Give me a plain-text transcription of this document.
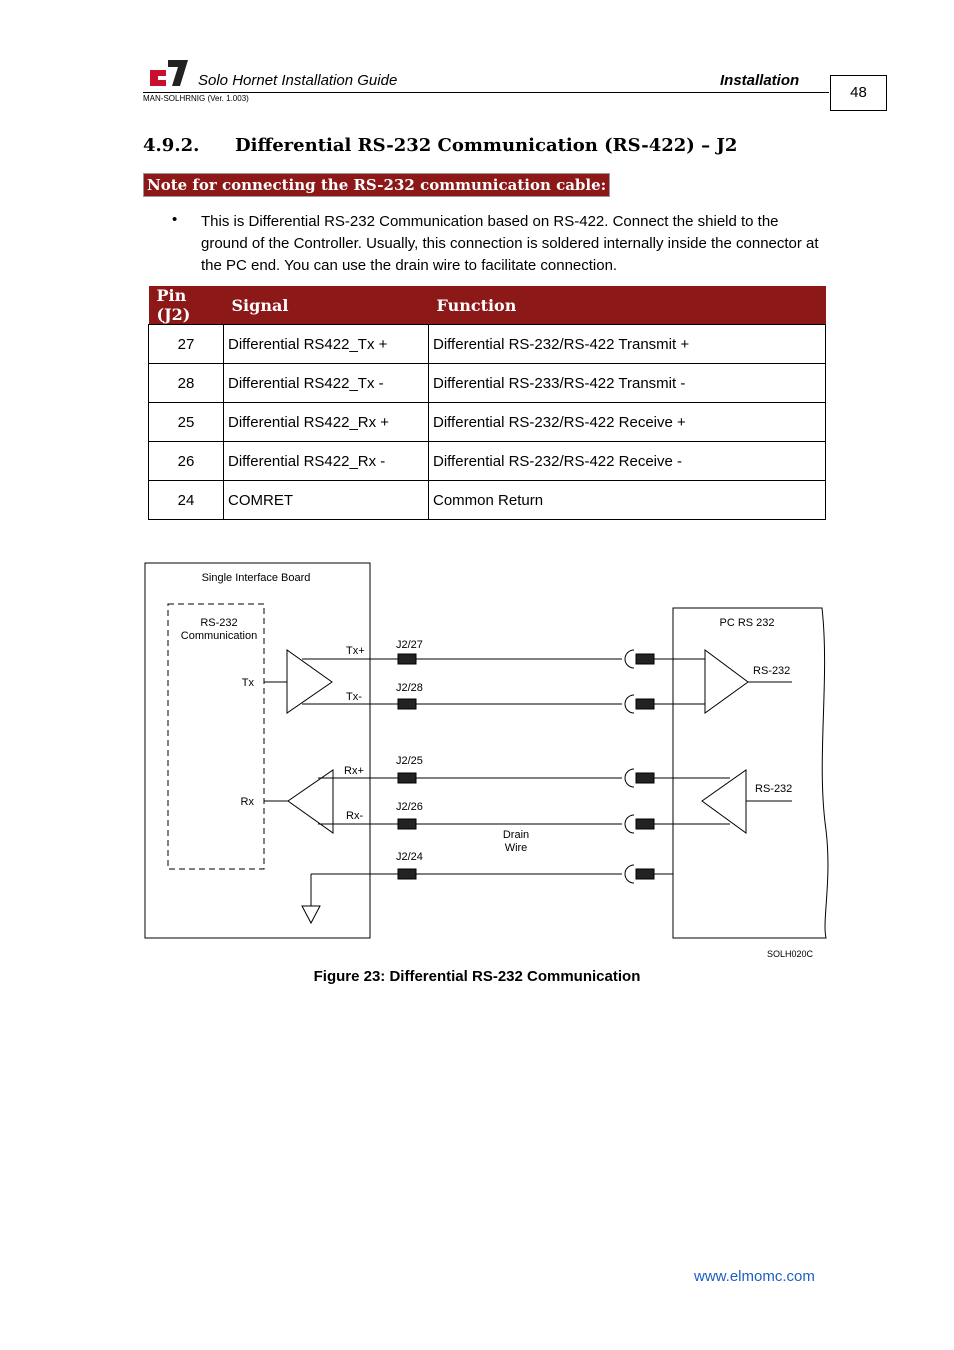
Solo Hornet Installation Guide	Installation
MAN-SOLHRNIG (Ver. 1.003)	48
4.9.2. Differential RS-232 Communication (RS-422) – J2
Note for connecting the RS-232 communication cable:
• This is Differential RS-232 Communication based on RS-422. Connect the shield to the ground of the Controller. Usually, this connection is soldered internally inside the connector at the PC end. You can use the drain wire to facilitate connection.
Pin (J2)	Signal	Function
27	Differential RS422_Tx +	Differential RS-232/RS-422 Transmit +
28	Differential RS422_Tx -	Differential RS-233/RS-422 Transmit -
25	Differential RS422_Rx +	Differential RS-232/RS-422 Receive +
26	Differential RS422_Rx -	Differential RS-232/RS-422 Receive -
24	COMRET	Common Return
Single Interface Board
RS-232
Communication
Tx
Rx
Tx+
Tx-
Rx+
Rx-
J2/27
J2/28
J2/25
J2/26
J2/24
Drain
Wire
PC RS 232
RS-232
RS-232
SOLH020C
Figure 23: Differential RS-232 Communication
www.elmomc.com
